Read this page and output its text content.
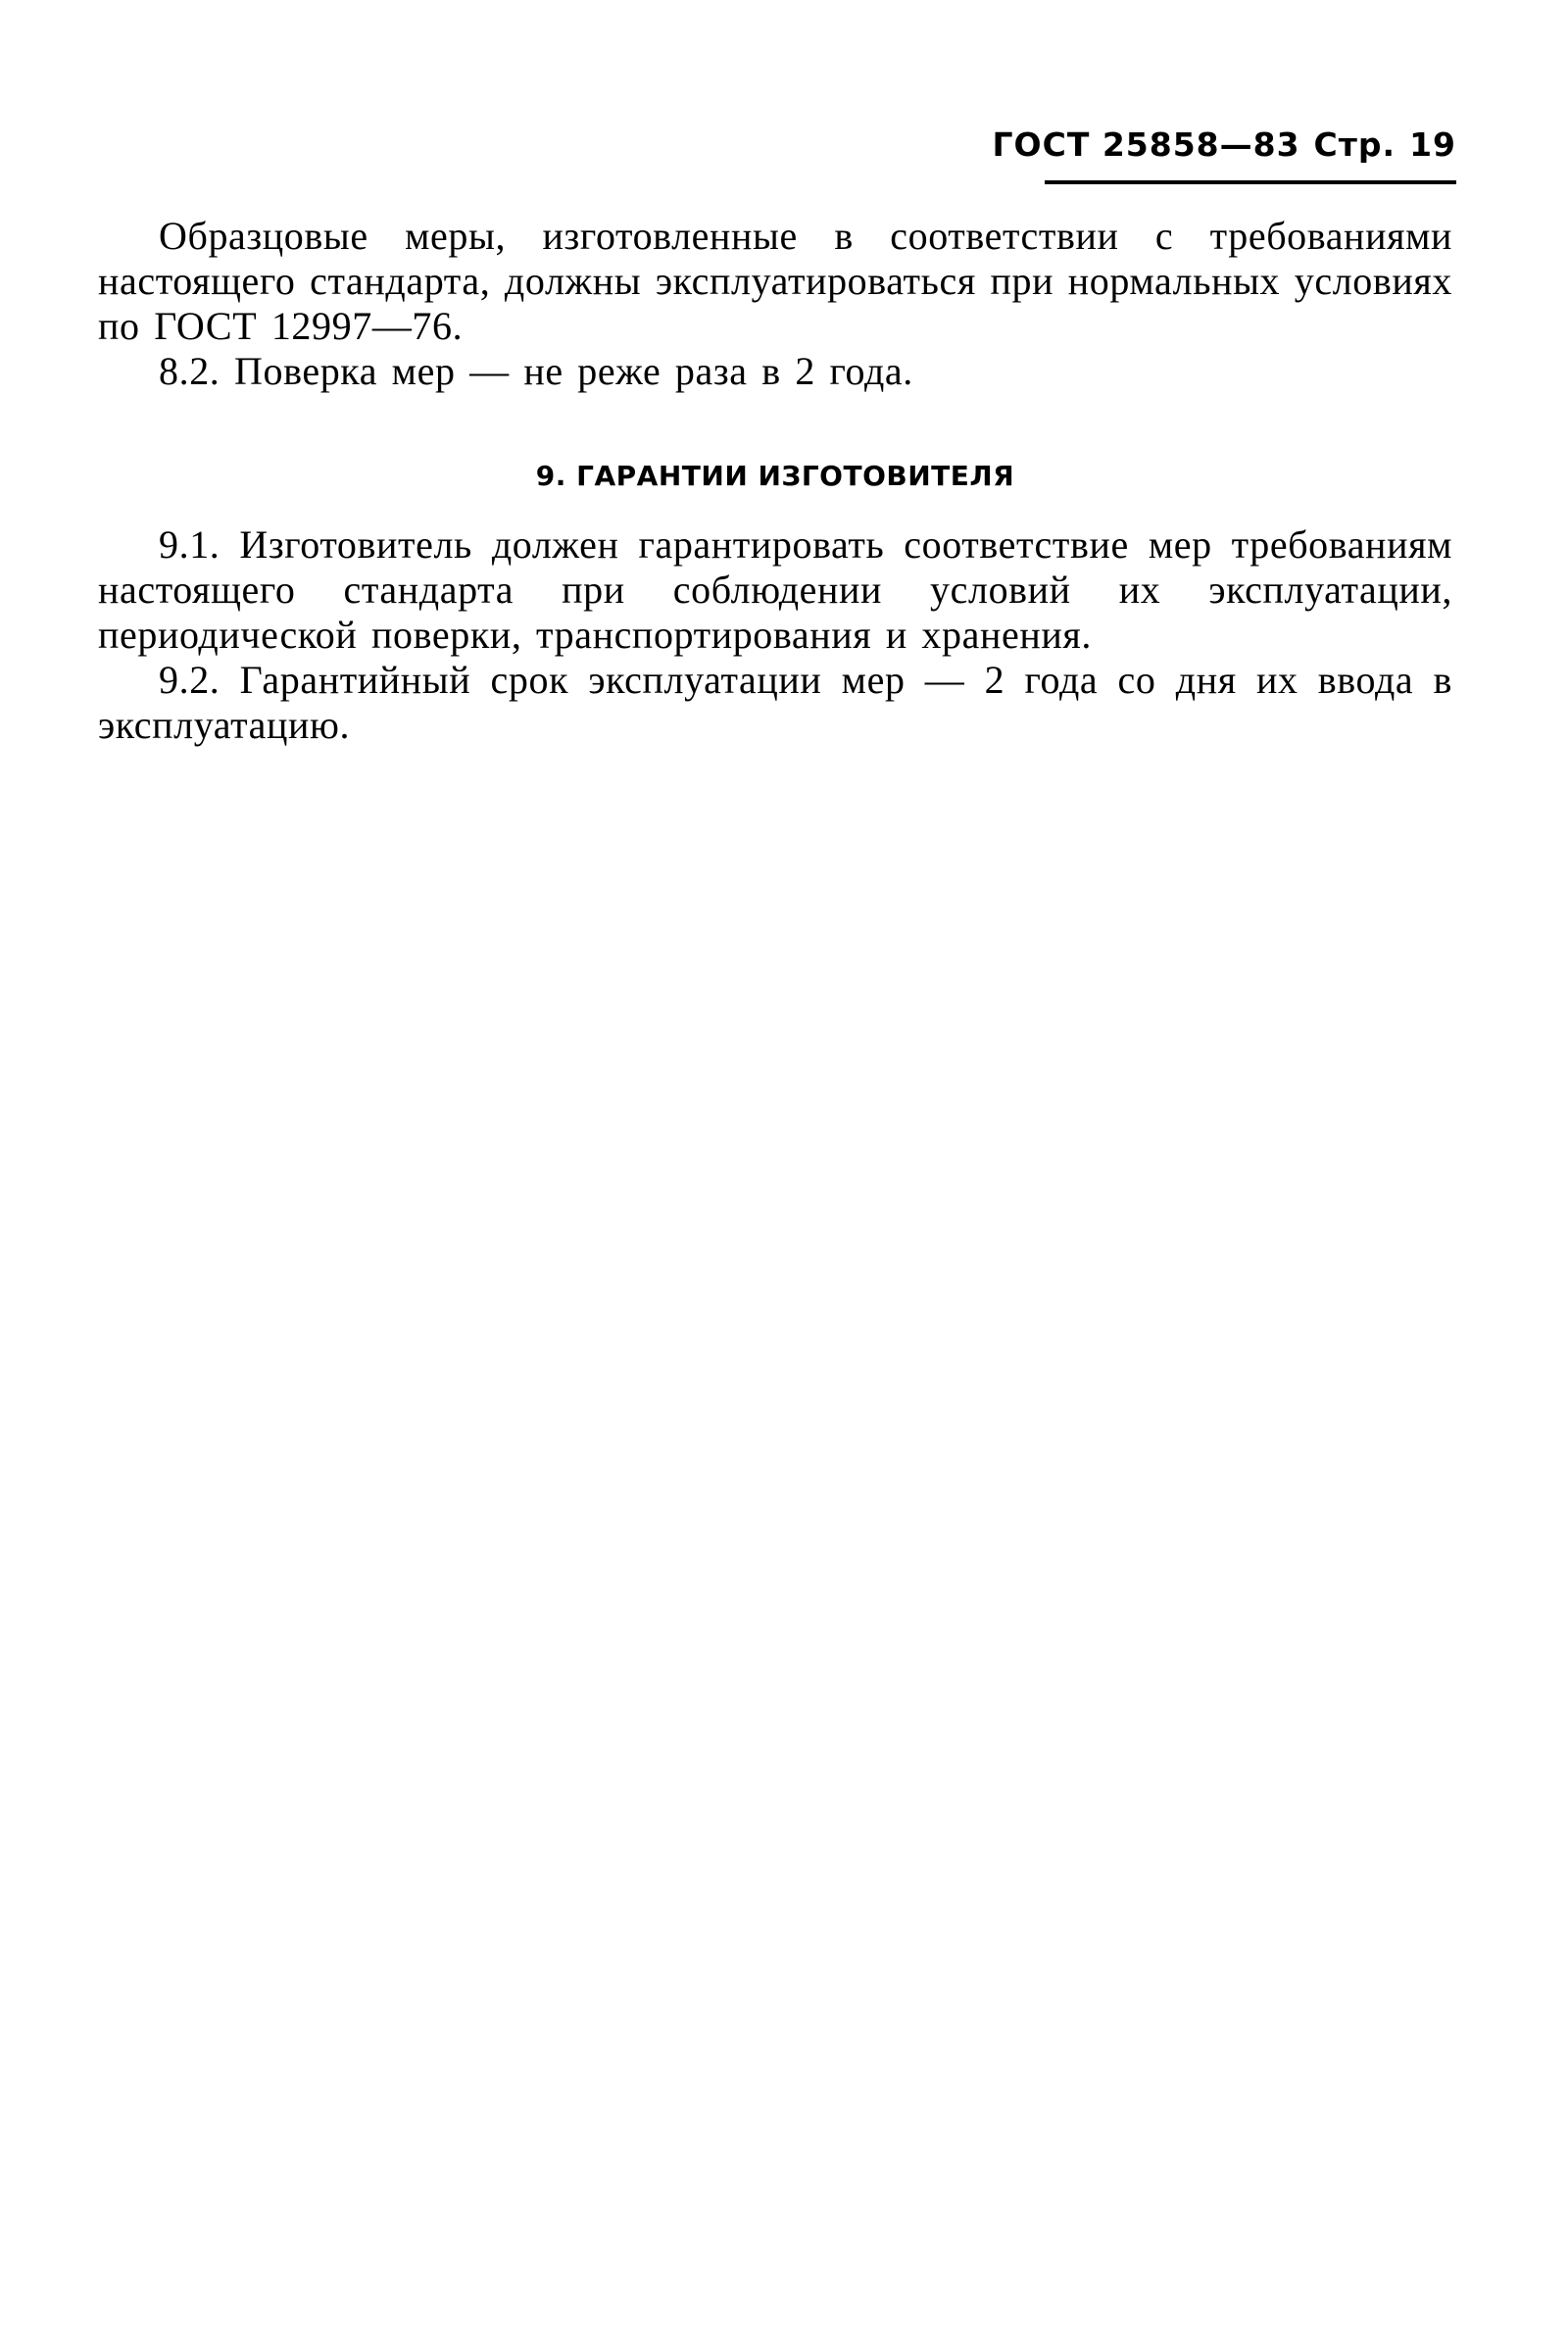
ГОСТ 25858—83 Стр. 19

Образцовые меры, изготовленные в соответствии с требованиями настоящего стандарта, должны эксплуатироваться при нормальных условиях по ГОСТ 12997—76.

8.2. Поверка мер — не реже раза в 2 года.

9. ГАРАНТИИ ИЗГОТОВИТЕЛЯ

9.1. Изготовитель должен гарантировать соответствие мер требованиям настоящего стандарта при соблюдении условий их эксплуатации, периодической поверки, транспортирования и хранения.

9.2. Гарантийный срок эксплуатации мер — 2 года со дня их ввода в эксплуатацию.
